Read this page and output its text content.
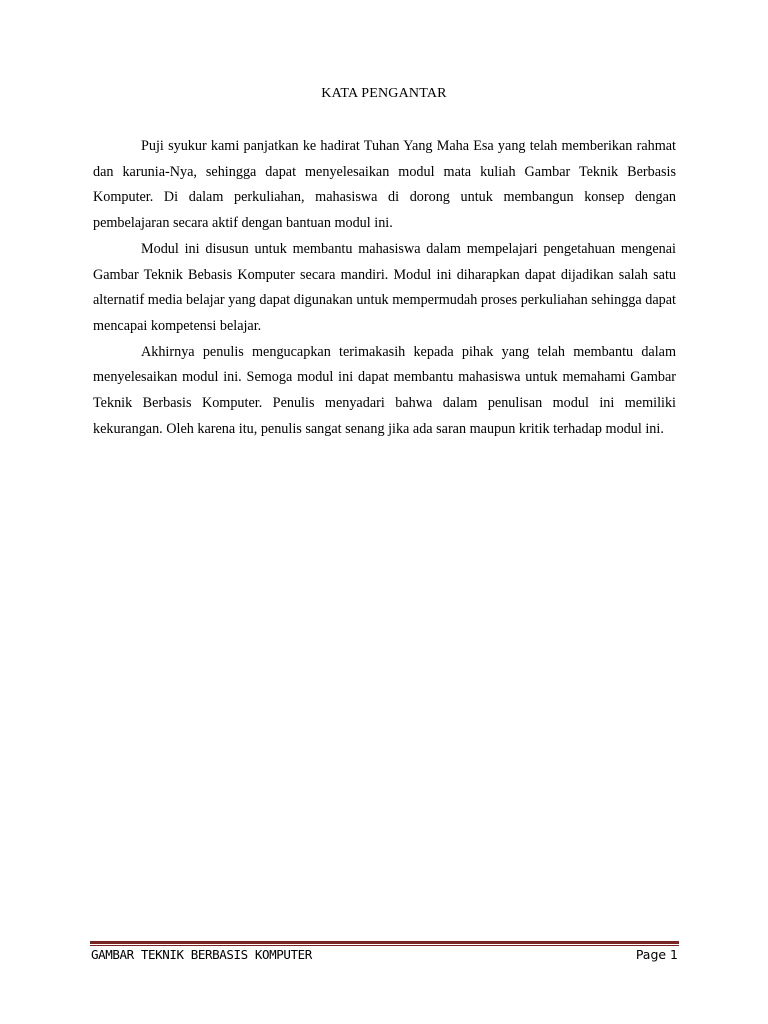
KATA PENGANTAR

Puji syukur kami panjatkan ke hadirat Tuhan Yang Maha Esa yang telah memberikan rahmat dan karunia-Nya, sehingga dapat menyelesaikan modul mata kuliah Gambar Teknik Berbasis Komputer. Di dalam perkuliahan, mahasiswa di dorong untuk membangun konsep dengan pembelajaran secara aktif dengan bantuan modul ini.

Modul ini disusun untuk membantu mahasiswa dalam mempelajari pengetahuan mengenai Gambar Teknik Bebasis Komputer secara mandiri. Modul ini diharapkan dapat dijadikan salah satu alternatif media belajar yang dapat digunakan untuk mempermudah proses perkuliahan sehingga dapat mencapai kompetensi belajar.

Akhirnya penulis mengucapkan terimakasih kepada pihak yang telah membantu dalam menyelesaikan modul ini. Semoga modul ini dapat membantu mahasiswa untuk memahami Gambar Teknik Berbasis Komputer. Penulis menyadari bahwa dalam penulisan modul ini memiliki kekurangan. Oleh karena itu, penulis sangat senang jika ada saran maupun kritik terhadap modul ini.

GAMBAR TEKNIK BERBASIS KOMPUTER	Page 1
